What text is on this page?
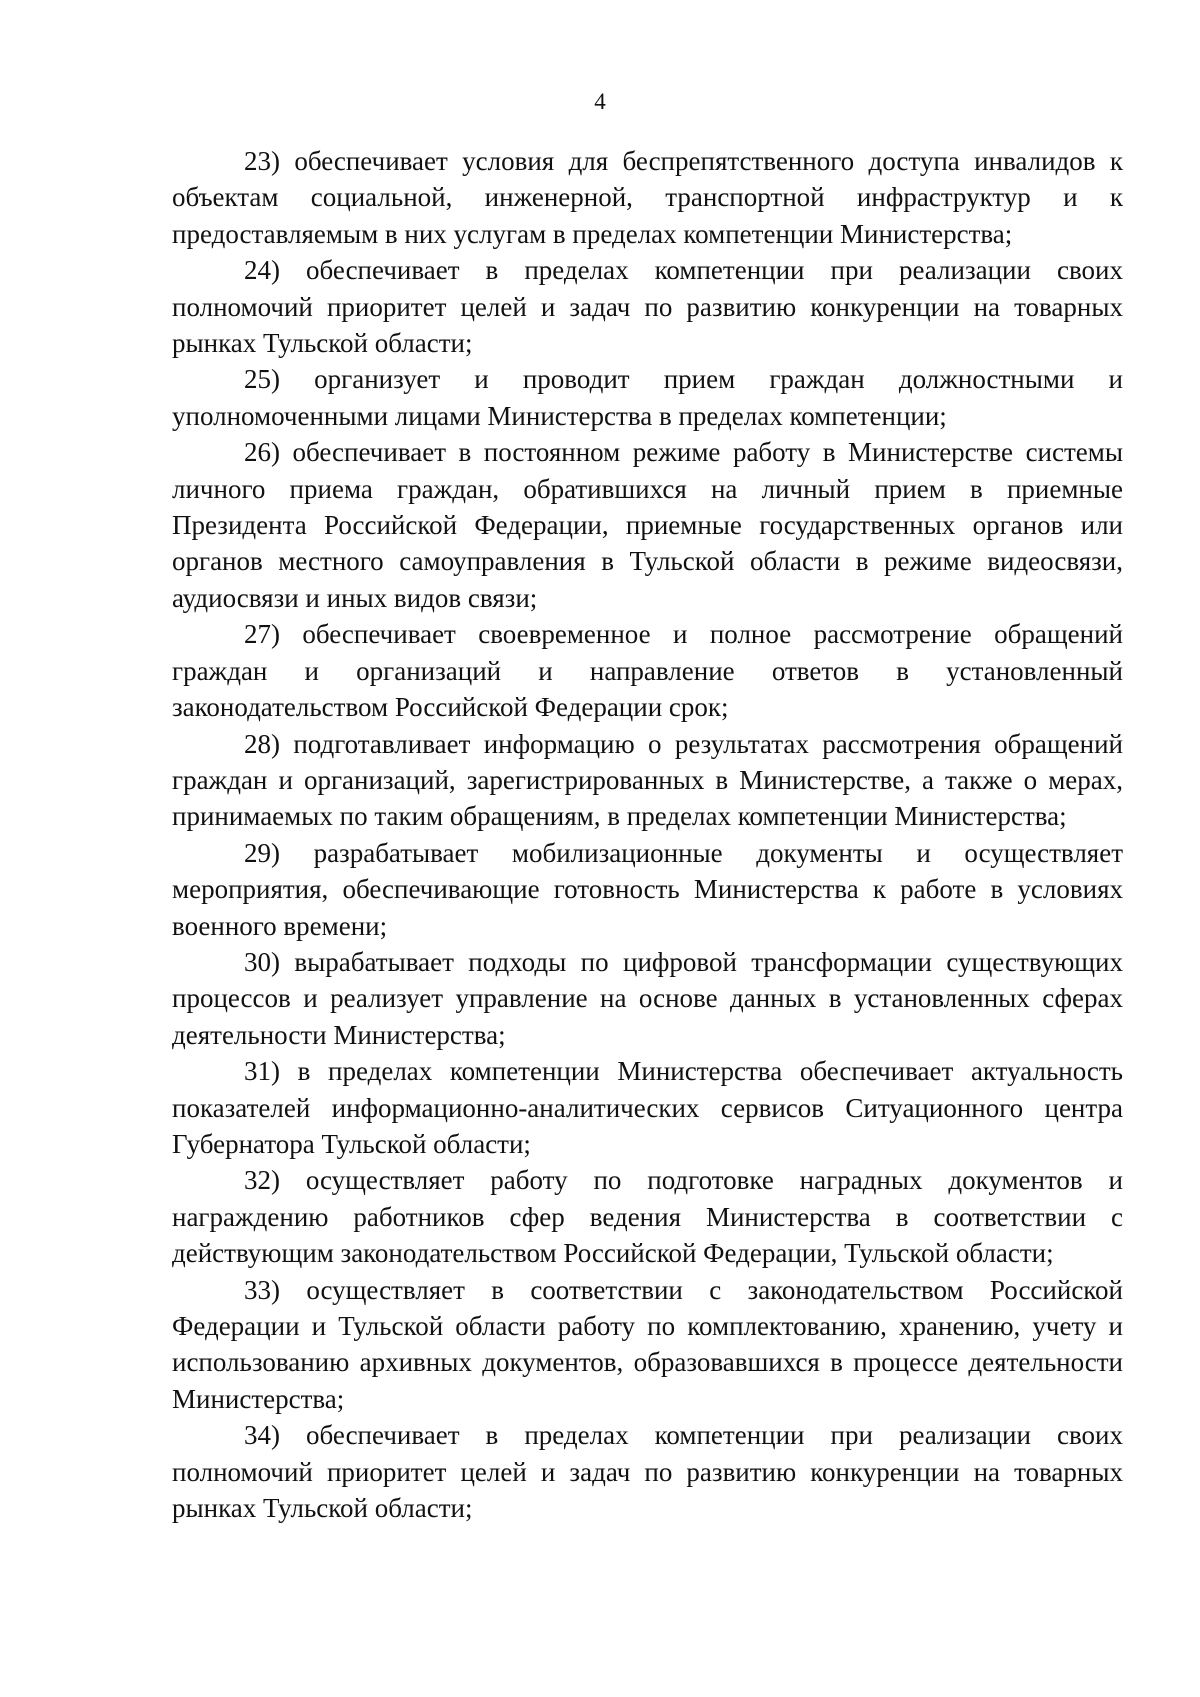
4

23) обеспечивает условия для беспрепятственного доступа инвалидов к объектам социальной, инженерной, транспортной инфраструктур и к предоставляемым в них услугам в пределах компетенции Министерства;

24) обеспечивает в пределах компетенции при реализации своих полномочий приоритет целей и задач по развитию конкуренции на товарных рынках Тульской области;

25) организует и проводит прием граждан должностными и уполномоченными лицами Министерства в пределах компетенции;

26) обеспечивает в постоянном режиме работу в Министерстве системы личного приема граждан, обратившихся на личный прием в приемные Президента Российской Федерации, приемные государственных органов или органов местного самоуправления в Тульской области в режиме видеосвязи, аудиосвязи и иных видов связи;

27) обеспечивает своевременное и полное рассмотрение обращений граждан и организаций и направление ответов в установленный законодательством Российской Федерации срок;

28) подготавливает информацию о результатах рассмотрения обращений граждан и организаций, зарегистрированных в Министерстве, а также о мерах, принимаемых по таким обращениям, в пределах компетенции Министерства;

29) разрабатывает мобилизационные документы и осуществляет мероприятия, обеспечивающие готовность Министерства к работе в условиях военного времени;

30) вырабатывает подходы по цифровой трансформации существующих процессов и реализует управление на основе данных в установленных сферах деятельности Министерства;

31) в пределах компетенции Министерства обеспечивает актуальность показателей информационно-аналитических сервисов Ситуационного центра Губернатора Тульской области;

32) осуществляет работу по подготовке наградных документов и награждению работников сфер ведения Министерства в соответствии с действующим законодательством Российской Федерации, Тульской области;

33) осуществляет в соответствии с законодательством Российской Федерации и Тульской области работу по комплектованию, хранению, учету и использованию архивных документов, образовавшихся в процессе деятельности Министерства;

34) обеспечивает в пределах компетенции при реализации своих полномочий приоритет целей и задач по развитию конкуренции на товарных рынках Тульской области;
